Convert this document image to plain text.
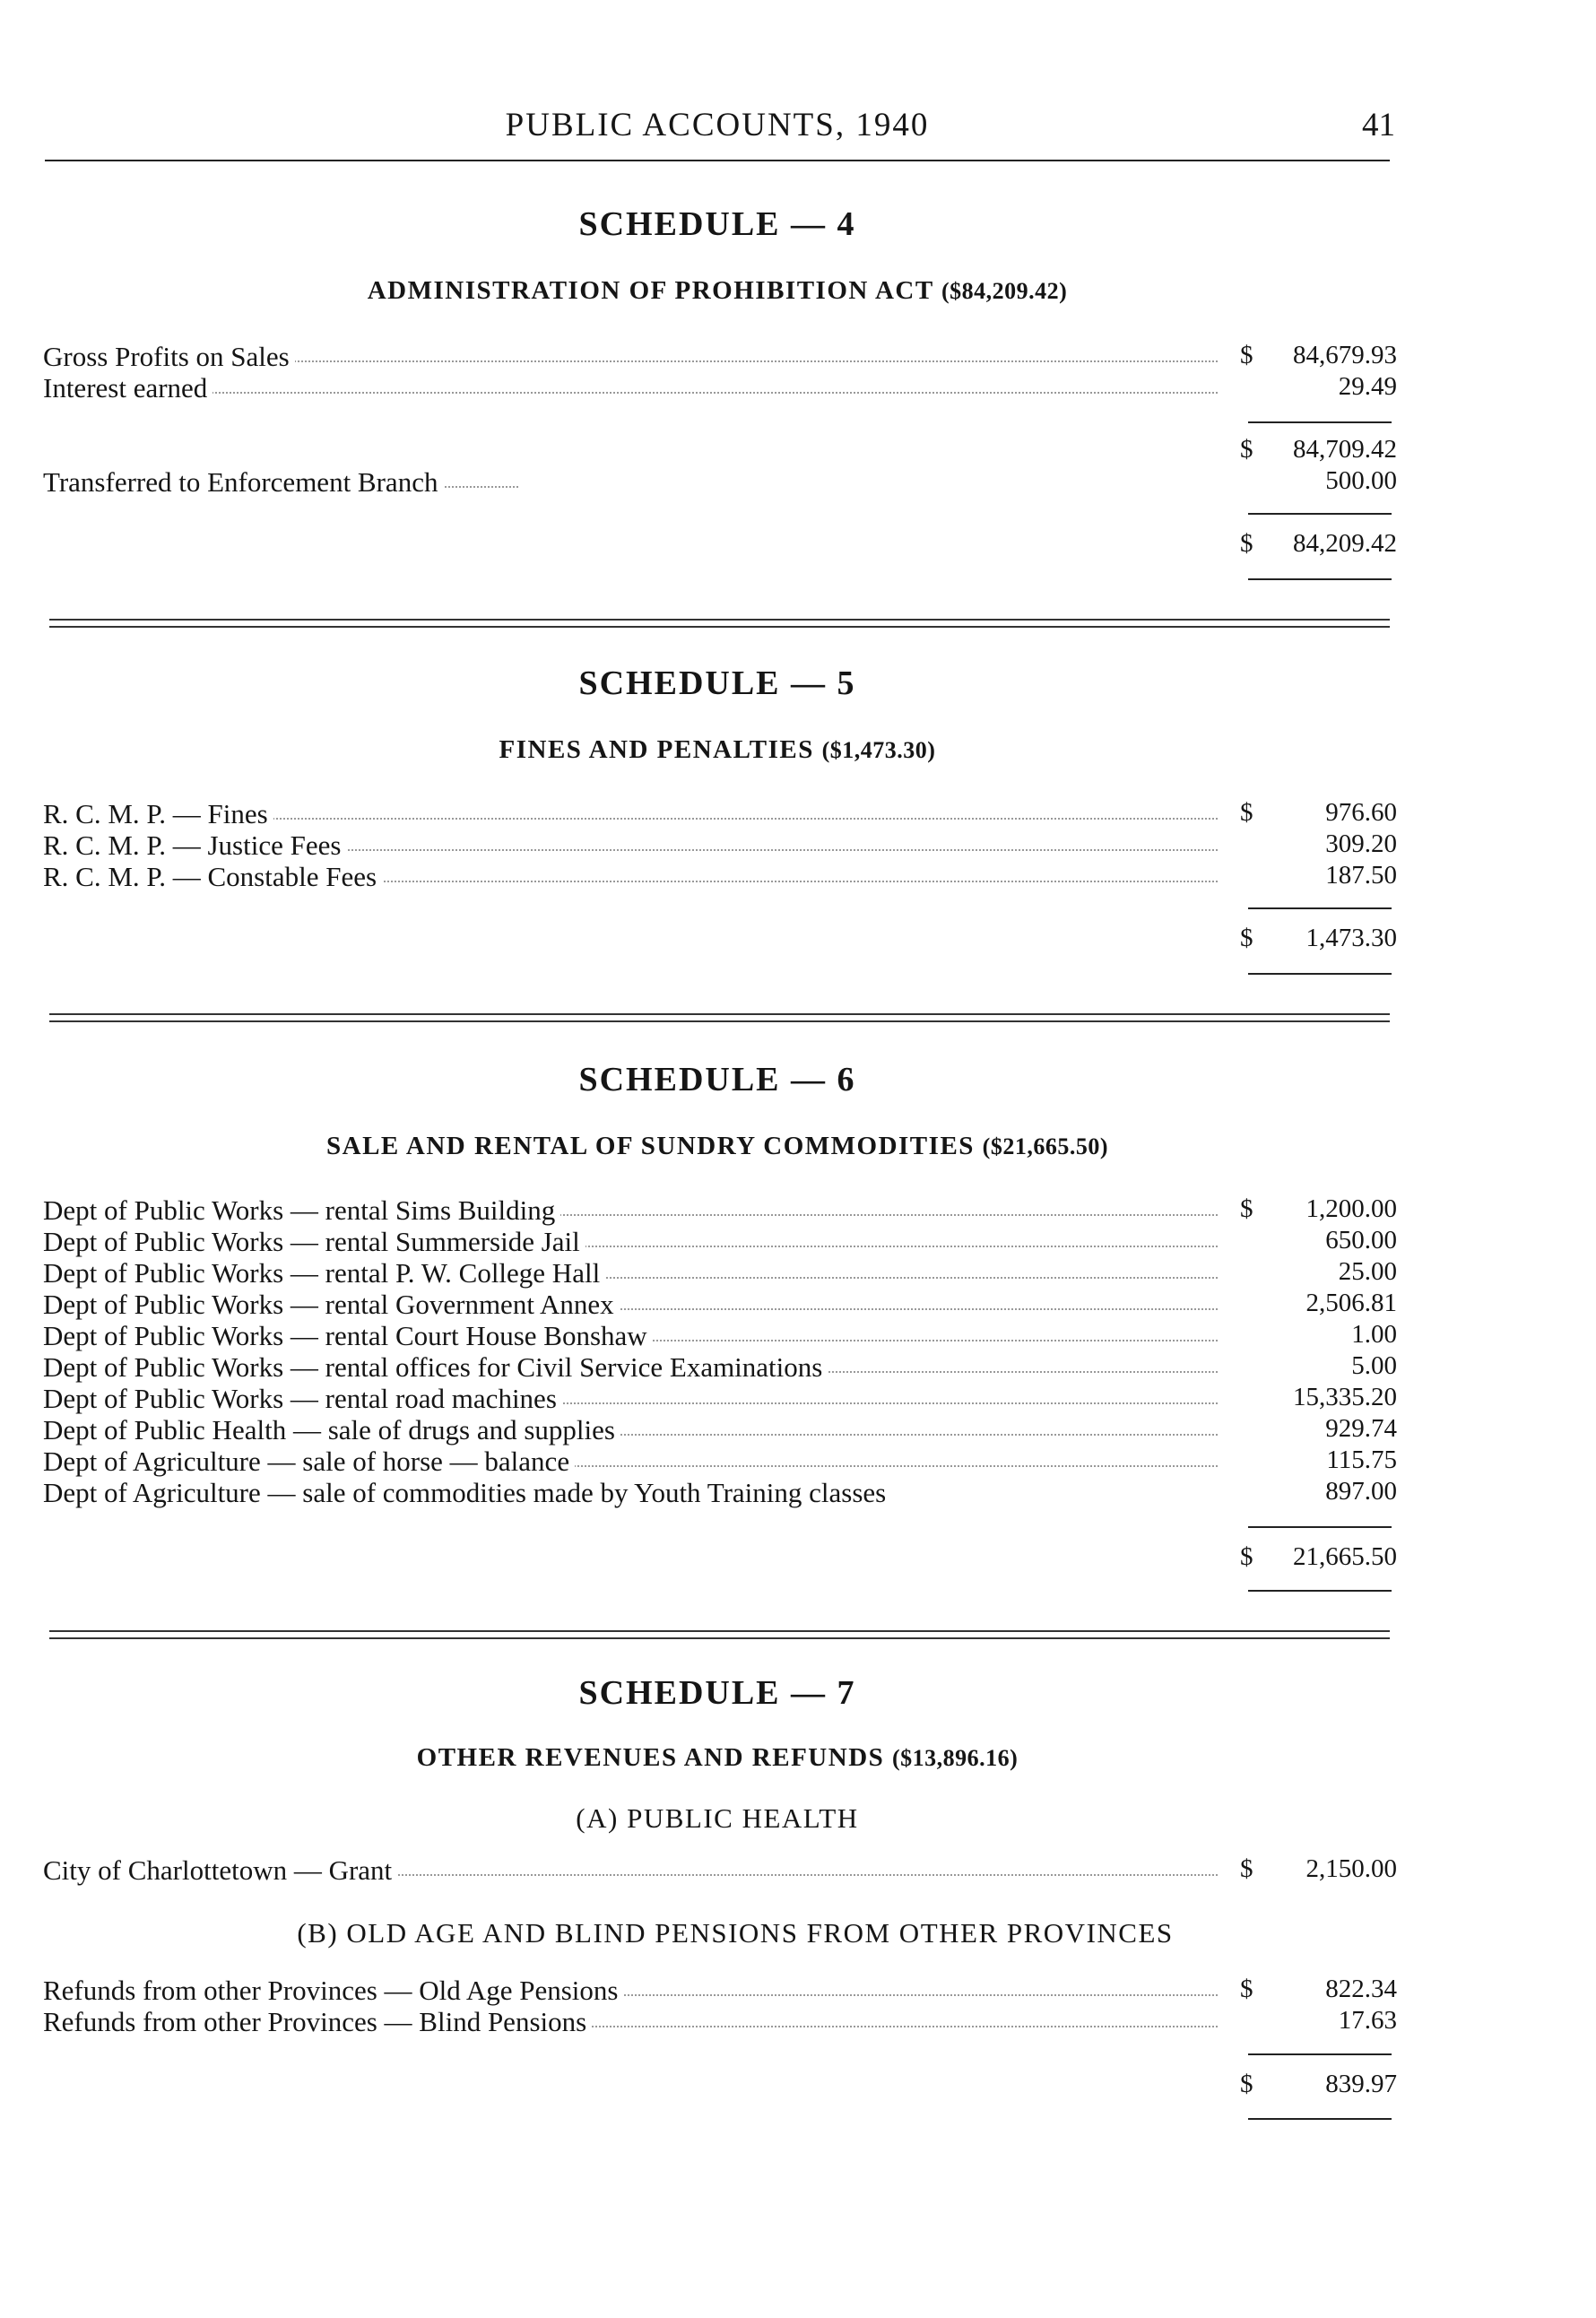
PUBLIC ACCOUNTS, 1940	41
SCHEDULE — 4
ADMINISTRATION OF PROHIBITION ACT ($84,209.42)
Gross Profits on Sales	$ 84,679.93
Interest earned	29.49
$ 84,709.42
Transferred to Enforcement Branch	500.00
$ 84,209.42
SCHEDULE — 5
FINES AND PENALTIES ($1,473.30)
R. C. M. P. — Fines	$	976.60
R. C. M. P. — Justice Fees	309.20
R. C. M. P. — Constable Fees	187.50
$ 1,473.30
SCHEDULE — 6
SALE AND RENTAL OF SUNDRY COMMODITIES ($21,665.50)
Dept of Public Works — rental Sims Building	$ 1,200.00
Dept of Public Works — rental Summerside Jail	650.00
Dept of Public Works — rental P. W. College Hall	25.00
Dept of Public Works — rental Government Annex	2,506.81
Dept of Public Works — rental Court House Bonshaw	1.00
Dept of Public Works — rental offices for Civil Service Examinations	5.00
Dept of Public Works — rental road machines	15,335.20
Dept of Public Health — sale of drugs and supplies	929.74
Dept of Agriculture — sale of horse — balance	115.75
Dept of Agriculture — sale of commodities made by Youth Training classes	897.00
$ 21,665.50
SCHEDULE — 7
OTHER REVENUES AND REFUNDS ($13,896.16)
(A) PUBLIC HEALTH
City of Charlottetown — Grant	$ 2,150.00
(B) OLD AGE AND BLIND PENSIONS FROM OTHER PROVINCES
Refunds from other Provinces — Old Age Pensions	$	822.34
Refunds from other Provinces — Blind Pensions	17.63
$	839.97
